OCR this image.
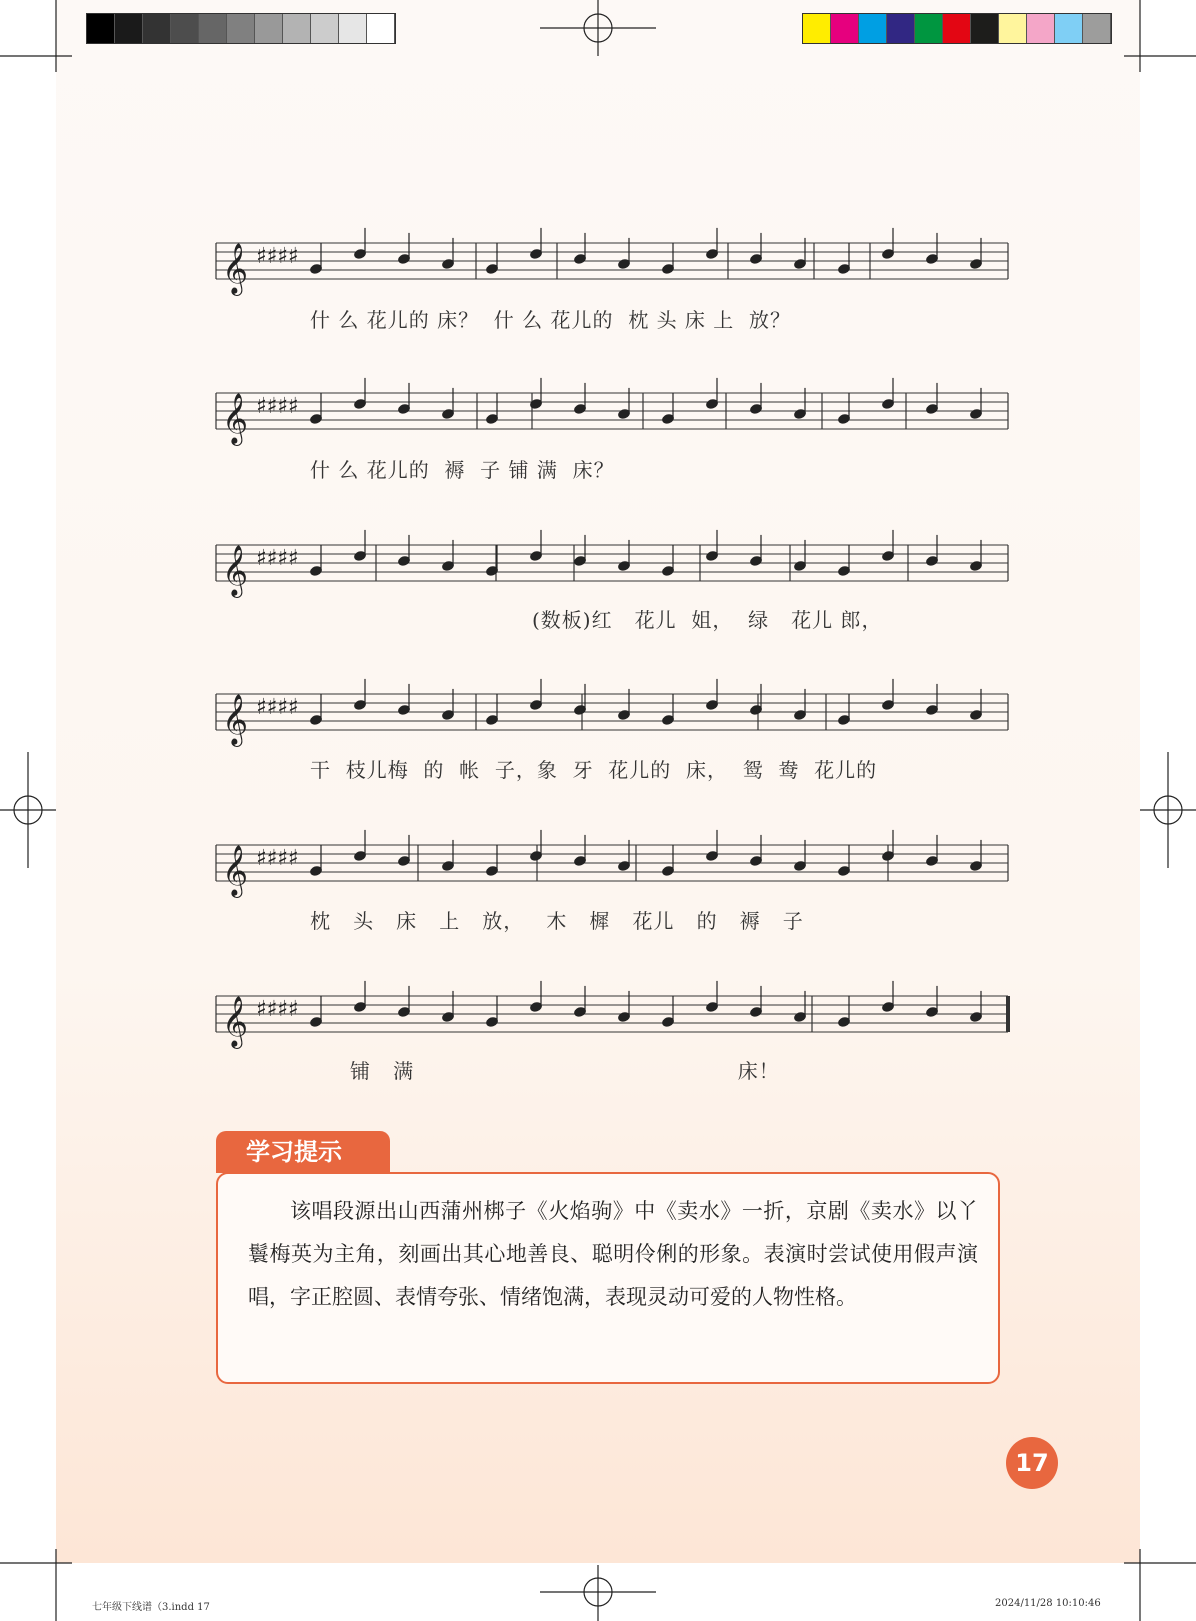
𝄞 ♯♯♯♯
𝄞 ♯♯♯♯
𝄞 ♯♯♯♯
𝄞 ♯♯♯♯
𝄞 ♯♯♯♯
𝄞 ♯♯♯♯
什 么 花儿的 床？  什 么 花儿的  枕 头 床 上  放？
什 么 花儿的  褥  子 铺 满  床？
(数板)红   花儿  姐，  绿   花儿 郎，
干  枝儿梅  的  帐  子，象  牙  花儿的  床，  鸳  鸯  花儿的
枕   头   床   上   放，   木   樨   花儿   的   褥   子
铺   满                                            床！
学习提示
该唱段源出山西蒲州梆子《火焰驹》中《卖水》一折，京剧《卖水》以丫鬟梅英为主角，刻画出其心地善良、聪明伶俐的形象。表演时尝试使用假声演唱，字正腔圆、表情夸张、情绪饱满，表现灵动可爱的人物性格。
17
七年级下线谱（3.indd 17	2024/11/28 10:10:46
